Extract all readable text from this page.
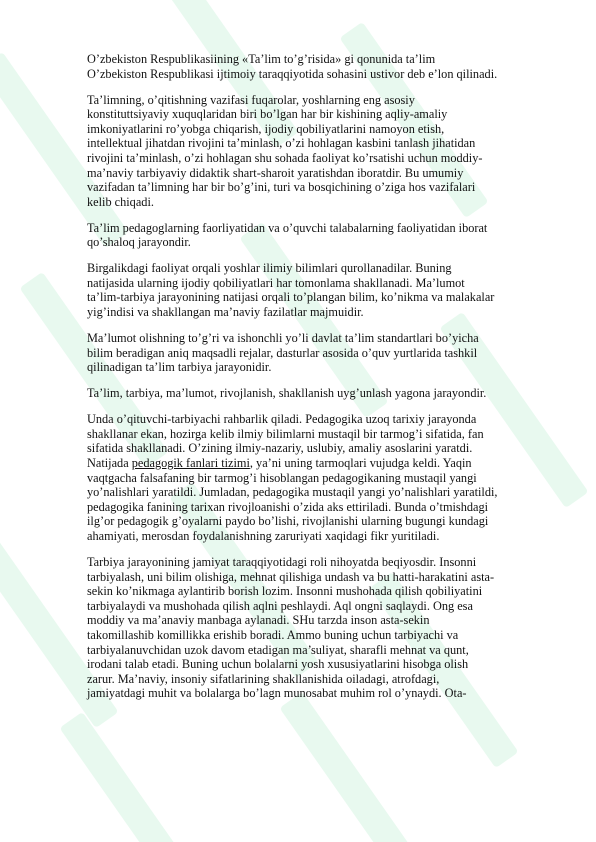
O’zbekiston Respublikasiining «Ta’lim to’g’risida» gi qonunida ta’lim
O’zbekiston Respublikasi ijtimoiy taraqqiyotida sohasini ustivor deb e’lon qilinadi.

Ta’limning, o’qitishning vazifasi fuqarolar, yoshlarning eng asosiy
konstituttsiyaviy xuquqlaridan biri bo’lgan har bir kishining aqliy-amaliy
imkoniyatlarini ro’yobga chiqarish, ijodiy qobiliyatlarini namoyon etish,
intellektual jihatdan rivojini ta’minlash, o’zi hohlagan kasbini tanlash jihatidan
rivojini ta’minlash, o’zi hohlagan shu sohada faoliyat ko’rsatishi uchun moddiy-
ma’naviy tarbiyaviy didaktik shart-sharoit yaratishdan iboratdir. Bu umumiy
vazifadan ta’limning har bir bo’g’ini, turi va bosqichining o’ziga hos vazifalari
kelib chiqadi.

Ta’lim pedagoglarning faorliyatidan va o’quvchi talabalarning faoliyatidan iborat
qo’shaloq jarayondir.

Birgalikdagi faoliyat orqali yoshlar ilimiy bilimlari qurollanadilar. Buning
natijasida ularning ijodiy qobiliyatlari har tomonlama shakllanadi. Ma’lumot
ta’lim-tarbiya jarayonining natijasi orqali to’plangan bilim, ko’nikma va malakalar
yig’indisi va shakllangan ma’naviy fazilatlar majmuidir.

Ma’lumot olishning to’g’ri va ishonchli yo’li davlat ta’lim standartlari bo’yicha
bilim beradigan aniq maqsadli rejalar, dasturlar asosida o’quv yurtlarida tashkil
qilinadigan ta’lim tarbiya jarayonidir.

Ta’lim, tarbiya, ma’lumot, rivojlanish, shakllanish uyg’unlash yagona jarayondir.

Unda o’qituvchi-tarbiyachi rahbarlik qiladi. Pedagogika uzoq tarixiy jarayonda
shakllanar ekan, hozirga kelib ilmiy bilimlarni mustaqil bir tarmog’i sifatida, fan
sifatida shakllanadi. O’zining ilmiy-nazariy, uslubiy, amaliy asoslarini yaratdi.
Natijada pedagogik fanlari tizimi, ya’ni uning tarmoqlari vujudga keldi. Yaqin
vaqtgacha falsafaning bir tarmog’i hisoblangan pedagogikaning mustaqil yangi
yo’nalishlari yaratildi. Jumladan, pedagogika mustaqil yangi yo’nalishlari yaratildi,
pedagogika fanining tarixan rivojloanishi o’zida aks ettiriladi. Bunda o’tmishdagi
ilg’or pedagogik g’oyalarni paydo bo’lishi, rivojlanishi ularning bugungi kundagi
ahamiyati, merosdan foydalanishning zaruriyati xaqidagi fikr yuritiladi.

Tarbiya jarayonining jamiyat taraqqiyotidagi roli nihoyatda beqiyosdir. Insonni
tarbiyalash, uni bilim olishiga, mehnat qilishiga undash va bu hatti-harakatini asta-
sekin ko’nikmaga aylantirib borish lozim. Insonni mushohada qilish qobiliyatini
tarbiyalaydi va mushohada qilish aqlni peshlaydi. Aql ongni saqlaydi. Ong esa
moddiy va ma’anaviy manbaga aylanadi. SHu tarzda inson asta-sekin
takomillashib komillikka erishib boradi. Ammo buning uchun tarbiyachi va
tarbiyalanuvchidan uzok davom etadigan ma’suliyat, sharafli mehnat va qunt,
irodani talab etadi. Buning uchun bolalarni yosh xususiyatlarini hisobga olish
zarur. Ma’naviy, insoniy sifatlarining shakllanishida oiladagi, atrofdagi,
jamiyatdagi muhit va bolalarga bo’lagn munosabat muhim rol o’ynaydi. Ota-
